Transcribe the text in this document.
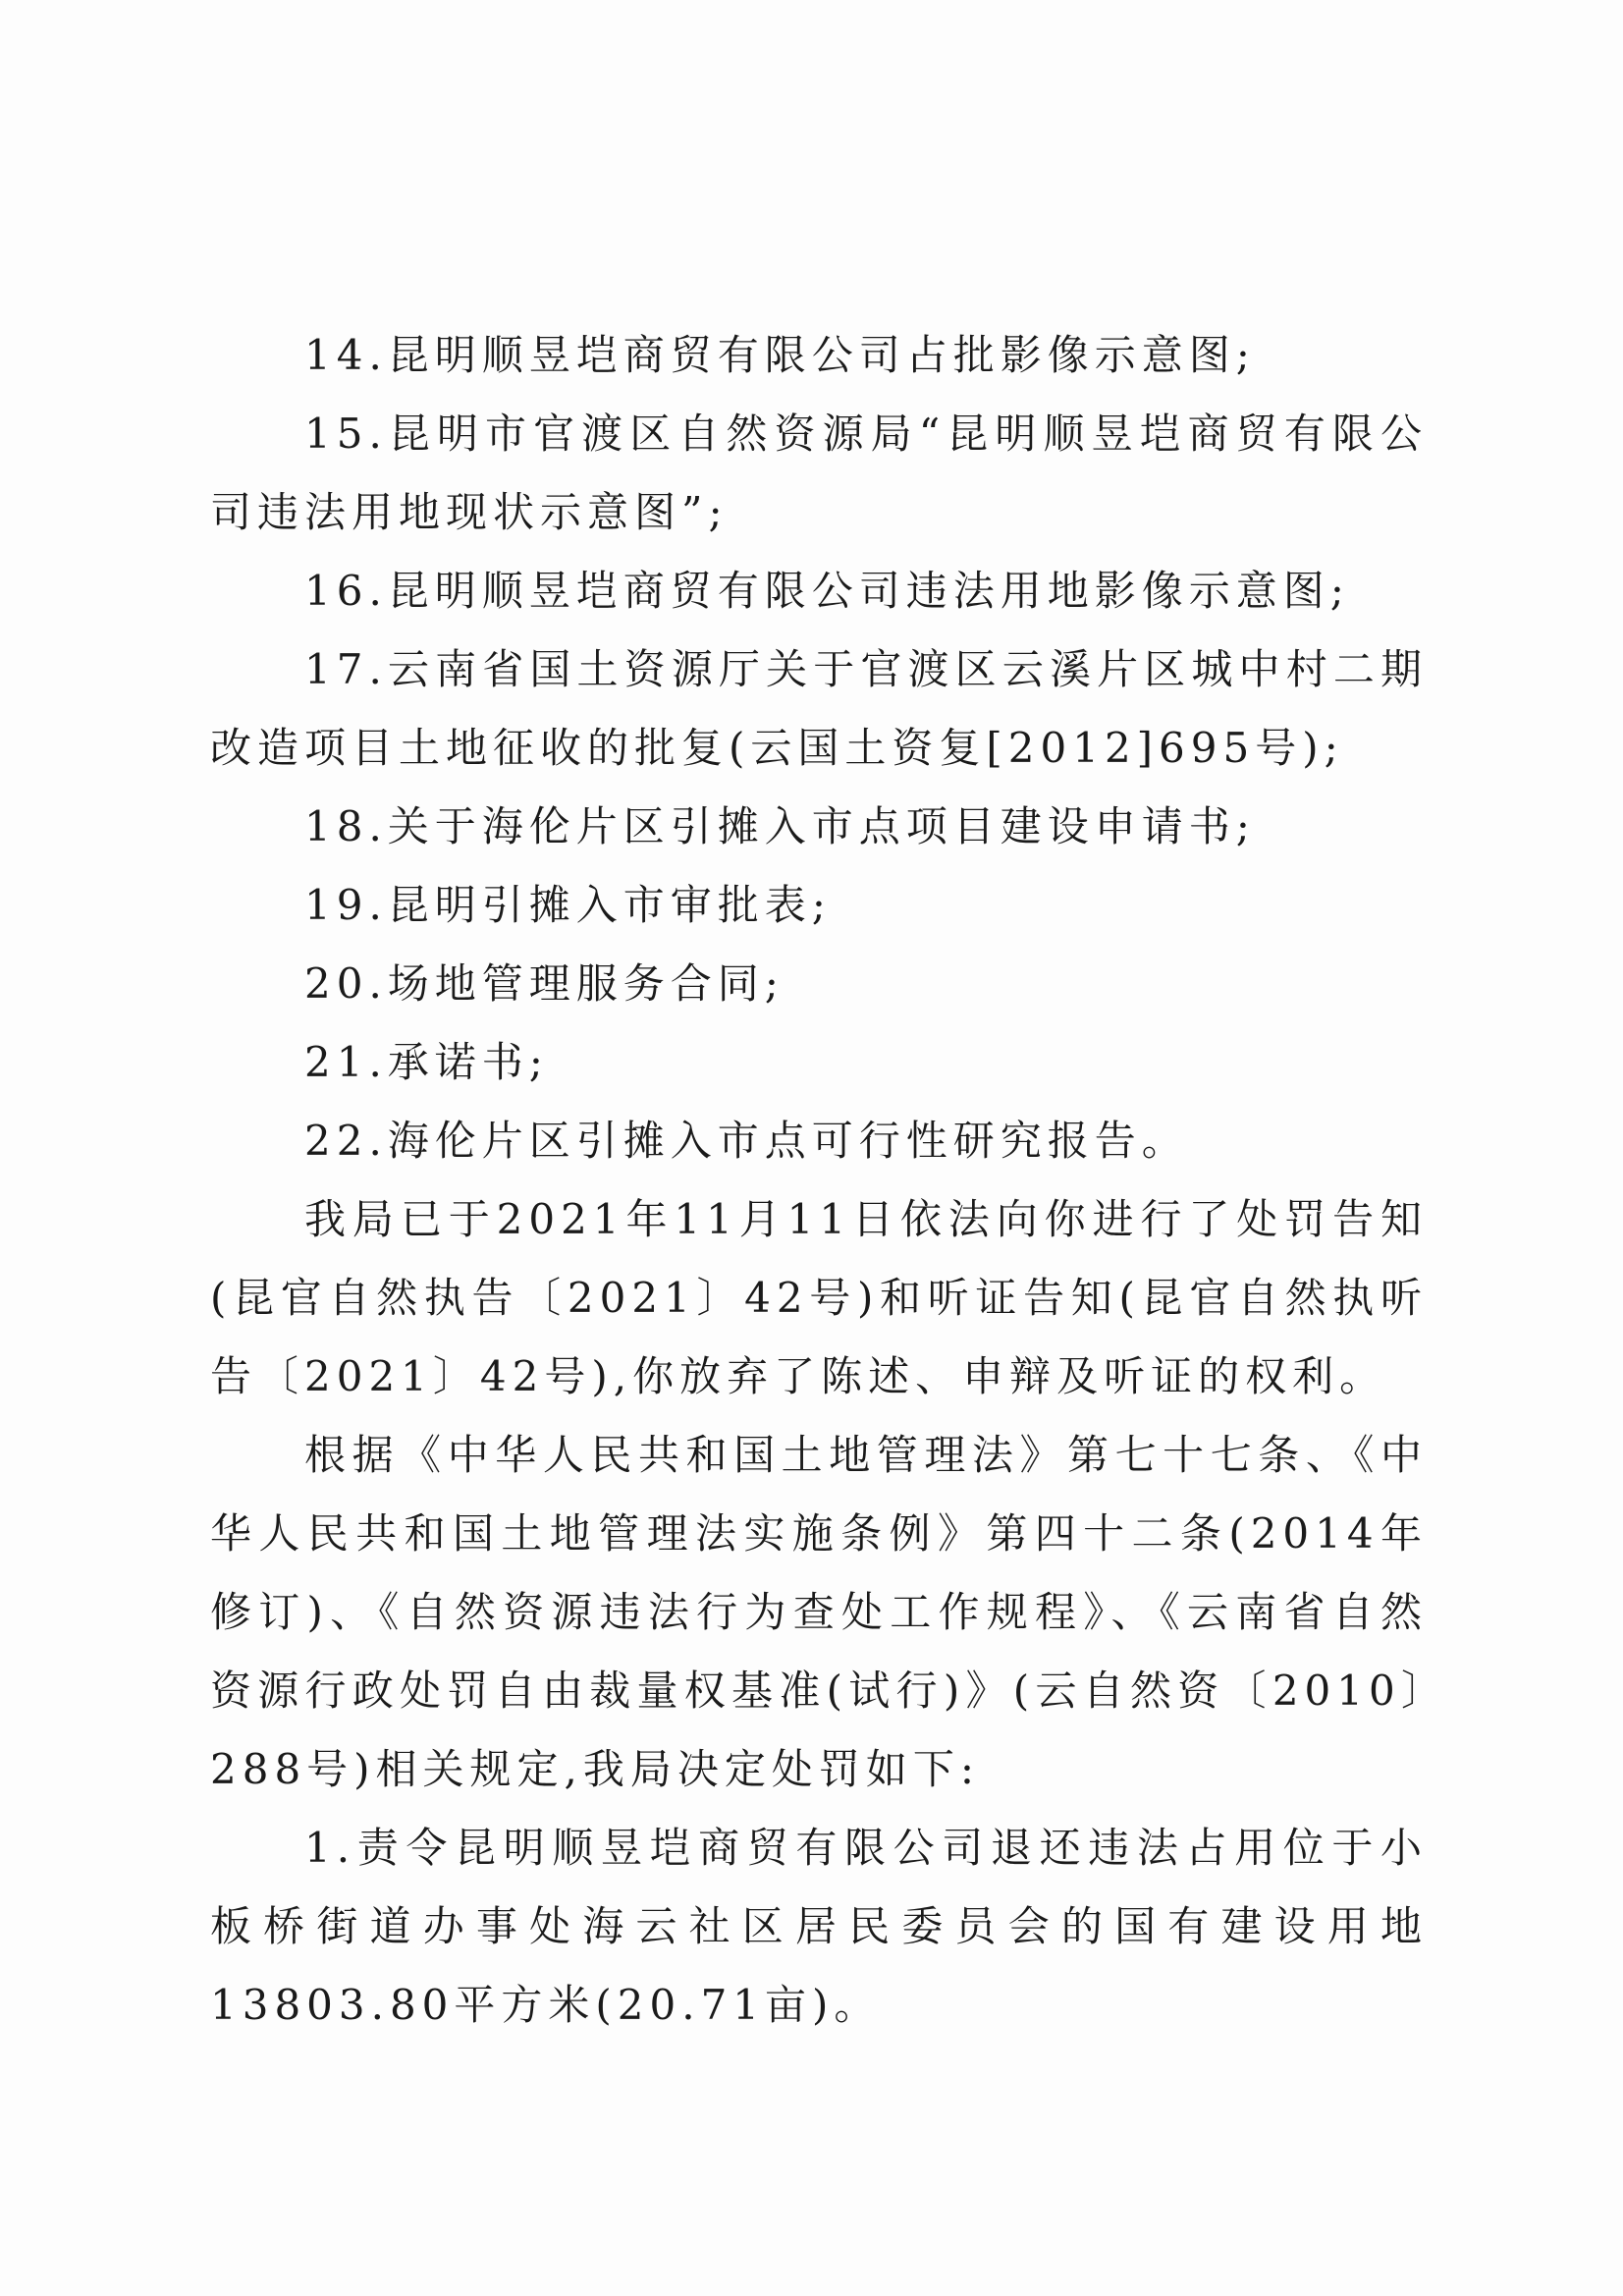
14.昆明顺昱垲商贸有限公司占批影像示意图;

15.昆明市官渡区自然资源局“昆明顺昱垲商贸有限公司违法用地现状示意图”;

16.昆明顺昱垲商贸有限公司违法用地影像示意图;

17.云南省国土资源厅关于官渡区云溪片区城中村二期改造项目土地征收的批复(云国土资复[2012]695号);

18.关于海伦片区引摊入市点项目建设申请书;

19.昆明引摊入市审批表;

20.场地管理服务合同;

21.承诺书;

22.海伦片区引摊入市点可行性研究报告。

我局已于2021年11月11日依法向你进行了处罚告知(昆官自然执告〔2021〕42号)和听证告知(昆官自然执听告〔2021〕42号),你放弃了陈述、申辩及听证的权利。

根据《中华人民共和国土地管理法》第七十七条、《中华人民共和国土地管理法实施条例》第四十二条(2014年修订)、《自然资源违法行为查处工作规程》、《云南省自然资源行政处罚自由裁量权基准(试行)》(云自然资〔2010〕288号)相关规定,我局决定处罚如下:

1.责令昆明顺昱垲商贸有限公司退还违法占用位于小板桥街道办事处海云社区居民委员会的国有建设用地13803.80平方米(20.71亩)。
